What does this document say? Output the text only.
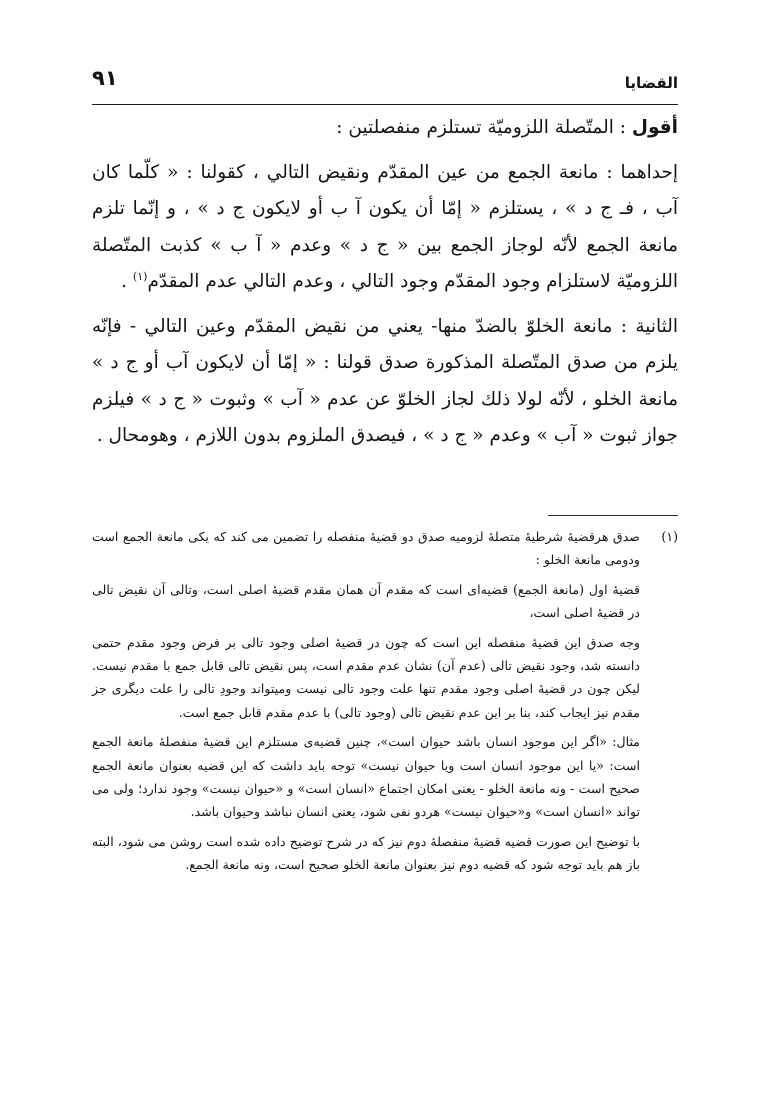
القضايا
٩١

أقول : المتّصلة اللزوميّة تستلزم منفصلتين :

إحداهما : مانعة الجمع من عين المقدّم ونقيض التالي ، كقولنا : « كلّما كان آب ، فـ ج د » ، يستلزم « إمّا أن يكون آ ب أو لايكون ج د » ، و إنّما تلزم مانعة الجمع لأنّه لوجاز الجمع بين « ج د » وعدم « آ ب » كذبت المتّصلة اللزوميّة لاستلزام وجود المقدّم وجود التالي ، وعدم التالي عدم المقدّم$^{(١)}$ .

الثانية : مانعة الخلوّ بالضدّ منها- يعني من نقيض المقدّم وعين التالي - فإنّه يلزم من صدق المتّصلة المذكورة صدق قولنا : « إمّا أن لايكون آب أو ج د » مانعة الخلو ، لأنّه لولا ذلك لجاز الخلوّ عن عدم « آب » وثبوت « ج د » فيلزم جواز ثبوت « آب » وعدم « ج د » ، فيصدق الملزوم بدون اللازم ، وهومحال .

(١)
صدق هرقضيهٔ شرطيهٔ متصلهٔ لزوميه صدق دو قضيهٔ منفصله را تضمين مى كند كه يكى مانعة الجمع است ودومى مانعة الخلو :

قضيهٔ اول (مانعة الجمع) قضيه‌اى است كه مقدم آن همان مقدم قضيهٔ اصلى است، وتالى آن نقيض تالى در قضيهٔ اصلى است،

وجه صدق اين قضيهٔ منفصله اين است كه چون در قضيهٔ اصلى وجود تالى بر فرض وجود مقدم حتمى دانسته شد، وجود نقيض تالى (عدم آن) نشان عدم مقدم است، پس نقيض تالى قابل جمع با مقدم نيست. ليكن چون در قضيهٔ اصلى وجود مقدم تنها علت وجود تالى نيست وميتواند وجودِ تالى را علت ديگرى جز مقدم نيز ايجاب كند، بنا بر اين عدم نقيض تالى (وجود تالى) با عدم مقدم قابل جمع است.

مثال: «اگر اين موجود انسان باشد حيوان است»، چنين قضيه‌ى مستلزم اين قضيهٔ منفصلهٔ مانعة الجمع است: «يا اين موجود انسان است ويا حيوان نيست» توجه بايد داشت كه اين قضيه بعنوان مانعة الجمع صحيح است - ونه مانعة الخلو - يعنى امكان اجتماع «انسان است» و «حيوان نيست» وجود ندارد؛ ولى مى تواند «انسان است» و«حيوان نيست» هردو نفى شود، يعنى انسان نباشد وحيوان باشد.

با توضيح اين صورت قضيه قضيهٔ منفصلهٔ دوم نيز كه در شرح توضيح داده شده است روشن مى شود، البته باز هم بايد توجه شود كه قضيه دوم نيز بعنوان مانعة الخلو صحيح است، ونه مانعة الجمع.
